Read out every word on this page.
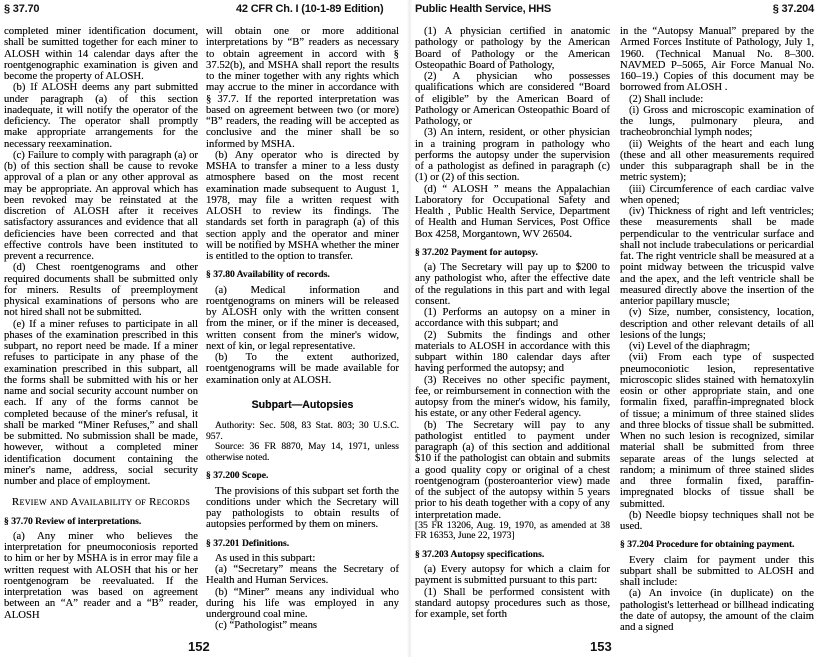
§ 37.70	42 CFR Ch. I (10-1-89 Edition)	Public Health Service, HHS	§ 37.204

completed miner identification document, shall be sumitted together for each miner to ALOSH within 14 calendar days after the roentgenographic examination is given and become the property of ALOSH.

(b) If ALOSH deems any part submitted under paragraph (a) of this section inadequate, it will notify the operator of the deficiency. The operator shall promptly make appropriate arrangements for the necessary reexamination.

(c) Failure to comply with paragraph (a) or (b) of this section shall be cause to revoke approval of a plan or any other approval as may be appropriate. An approval which has been revoked may be reinstated at the discretion of ALOSH after it receives satisfactory assurances and evidence that all deficiencies have been corrected and that effective controls have been instituted to prevent a recurrence.

(d) Chest roentgenograms and other required documents shall be submitted only for miners. Results of preemployment physical examinations of persons who are not hired shall not be submitted.

(e) If a miner refuses to participate in all phases of the examination prescribed in this subpart, no report need be made. If a miner refuses to participate in any phase of the examination prescribed in this subpart, all the forms shall be submitted with his or her name and social security account number on each. If any of the forms cannot be completed because of the miner's refusal, it shall be marked “Miner Refuses,” and shall be submitted. No submission shall be made, however, without a completed miner identification document containing the miner's name, address, social security number and place of employment.

Review and Availability of Records
§ 37.70 Review of interpretations.

(a) Any miner who believes the interpretation for pneumoconiosis reported to him or her by MSHA is in error may file a written request with ALOSH that his or her roentgenogram be reevaluated. If the interpretation was based on agreement between an “A” reader and a “B” reader, ALOSH

will obtain one or more additional interpretations by “B” readers as necessary to obtain agreement in accord with § 37.52(b), and MSHA shall report the results to the miner together with any rights which may accrue to the miner in accordance with § 37.7. If the reported interpretation was based on agreement between two (or more) “B” readers, the reading will be accepted as conclusive and the miner shall be so informed by MSHA.

(b) Any operator who is directed by MSHA to transfer a miner to a less dusty atmosphere based on the most recent examination made subsequent to August 1, 1978, may file a written request with ALOSH to review its findings. The standards set forth in paragraph (a) of this section apply and the operator and miner will be notified by MSHA whether the miner is entitled to the option to transfer.

§ 37.80 Availability of records.

(a) Medical information and roentgenograms on miners will be released by ALOSH only with the written consent from the miner, or if the miner is deceased, written consent from the miner's widow, next of kin, or legal representative.

(b) To the extent authorized, roentgenograms will be made available for examination only at ALOSH.

Subpart—Autopsies

Authority: Sec. 508, 83 Stat. 803; 30 U.S.C. 957.

Source: 36 FR 8870, May 14, 1971, unless otherwise noted.

§ 37.200 Scope.

The provisions of this subpart set forth the conditions under which the Secretary will pay pathologists to obtain results of autopsies performed by them on miners.

§ 37.201 Definitions.

As used in this subpart:

(a) “Secretary” means the Secretary of Health and Human Services.

(b) “Miner” means any individual who during his life was employed in any underground coal mine.

(c) “Pathologist” means

(1) A physician certified in anatomic pathology or pathology by the American Board of Pathology or the American Osteopathic Board of Pathology,

(2) A physician who possesses qualifications which are considered “Board of eligible” by the American Board of Pathology or American Osteopathic Board of Pathology, or

(3) An intern, resident, or other physician in a training program in pathology who performs the autopsy under the supervision of a pathologist as defined in paragraph (c) (1) or (2) of this section.

(d) “ ALOSH ” means the Appalachian Laboratory for Occupational Safety and Health , Public Health Service, Department of Health and Human Services, Post Office Box 4258, Morgantown, WV 26504.

§ 37.202 Payment for autopsy.

(a) The Secretary will pay up to $200 to any pathologist who, after the effective date of the regulations in this part and with legal consent.

(1) Performs an autopsy on a miner in accordance with this subpart; and

(2) Submits the findings and other materials to ALOSH in accordance with this subpart within 180 calendar days after having performed the autopsy; and

(3) Receives no other specific payment, fee, or reimbursement in connection with the autopsy from the miner's widow, his family, his estate, or any other Federal agency.

(b) The Secretary will pay to any pathologist entitled to payment under paragraph (a) of this section and additional $10 if the pathologist can obtain and submits a good quality copy or original of a chest roentgenogram (posteroanterior view) made of the subject of the autopsy within 5 years prior to his death together with a copy of any interpretation made.

[35 FR 13206, Aug. 19, 1970, as amended at 38 FR 16353, June 22, 1973]

§ 37.203 Autopsy specifications.

(a) Every autopsy for which a claim for payment is submitted pursuant to this part:

(1) Shall be performed consistent with standard autopsy procedures such as those, for example, set forth

in the “Autopsy Manual” prepared by the Armed Forces Institute of Pathology, July 1, 1960. (Technical Manual No. 8–300. NAVMED P–5065, Air Force Manual No. 160–19.) Copies of this document may be borrowed from ALOSH .

(2) Shall include:

(i) Gross and microscopic examination of the lungs, pulmonary pleura, and tracheobronchial lymph nodes;

(ii) Weights of the heart and each lung (these and all other measurements required under this subparagraph shall be in the metric system);

(iii) Circumference of each cardiac valve when opened;

(iv) Thickness of right and left ventricles; these measurements shall be made perpendicular to the ventricular surface and shall not include trabeculations or pericardial fat. The right ventricle shall be measured at a point midway between the tricuspid valve and the apex, and the left ventricle shall be measured directly above the insertion of the anterior papillary muscle;

(v) Size, number, consistency, location, description and other relevant details of all lesions of the lungs;

(vi) Level of the diaphragm;

(vii) From each type of suspected pneumoconiotic lesion, representative microscopic slides stained with hematoxylin eosin or other appropriate stain, and one formalin fixed, paraffin-impregnated block of tissue; a minimum of three stained slides and three blocks of tissue shall be submitted. When no such lesion is recognized, similar material shall be submitted from three separate areas of the lungs selected at random; a minimum of three stained slides and three formalin fixed, paraffin-impregnated blocks of tissue shall be submitted.

(b) Needle biopsy techniques shall not be used.

§ 37.204 Procedure for obtaining payment.

Every claim for payment under this subpart shall be submitted to ALOSH and shall include:

(a) An invoice (in duplicate) on the pathologist's letterhead or billhead indicating the date of autopsy, the amount of the claim and a signed

152	153
